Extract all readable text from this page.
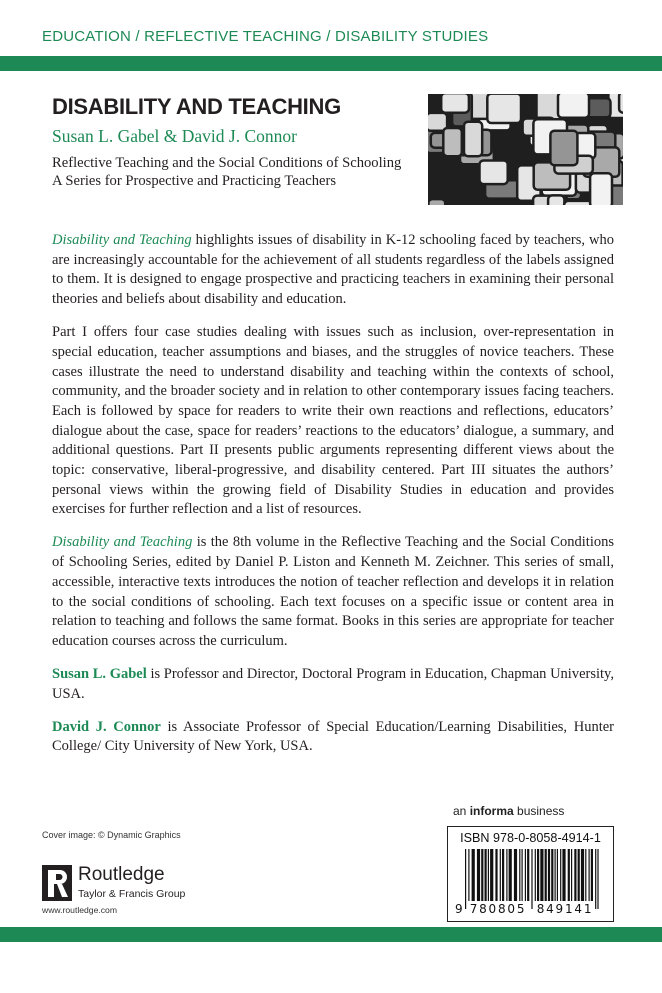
EDUCATION / REFLECTIVE TEACHING / DISABILITY STUDIES
DISABILITY AND TEACHING
Susan L. Gabel & David J. Connor
Reflective Teaching and the Social Conditions of Schooling
A Series for Prospective and Practicing Teachers

Disability and Teaching highlights issues of disability in K-12 schooling faced by teachers, who are increasingly accountable for the achievement of all students regardless of the labels assigned to them. It is designed to engage prospective and practicing teachers in examining their personal theories and beliefs about disability and education.

Part I offers four case studies dealing with issues such as inclusion, over-representation in special education, teacher assumptions and biases, and the struggles of novice teachers. These cases illustrate the need to understand disability and teaching within the contexts of school, community, and the broader society and in relation to other contemporary issues facing teachers. Each is followed by space for readers to write their own reactions and reflections, educators’ dialogue about the case, space for readers’ reactions to the educators’ dialogue, a summary, and additional questions. Part II presents public arguments representing different views about the topic: conservative, liberal-progressive, and disability centered. Part III situates the authors’ personal views within the growing field of Disability Studies in education and provides exercises for further reflection and a list of resources.

Disability and Teaching is the 8th volume in the Reflective Teaching and the Social Conditions of Schooling Series, edited by Daniel P. Liston and Kenneth M. Zeichner. This series of small, accessible, interactive texts introduces the notion of teacher reflection and develops it in relation to the social conditions of schooling. Each text focuses on a specific issue or content area in relation to teaching and follows the same format. Books in this series are appropriate for teacher education courses across the curriculum.

Susan L. Gabel is Professor and Director, Doctoral Program in Education, Chapman University, USA.

David J. Connor is Associate Professor of Special Education/Learning Disabilities, Hunter College/ City University of New York, USA.

an informa business
ISBN 978-0-8058-4914-1
9 780805 849141
Cover image: © Dynamic Graphics
Routledge
Taylor & Francis Group
www.routledge.com
